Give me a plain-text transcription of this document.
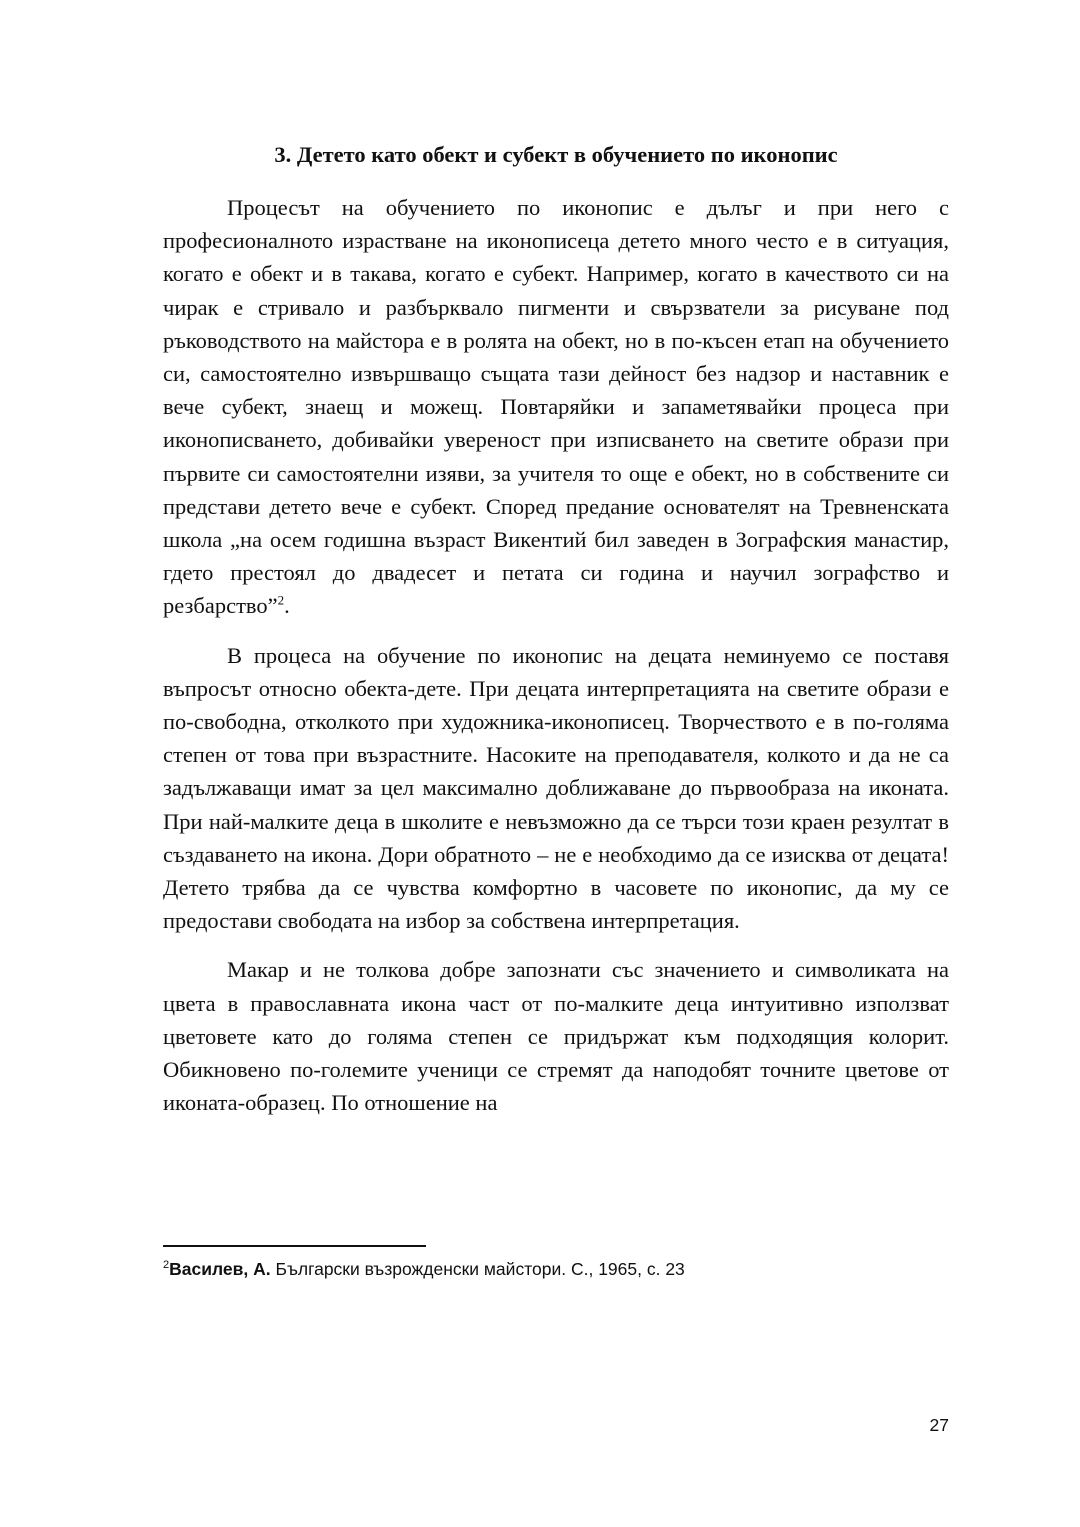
3. Детето като обект и субект в обучението по иконопис

Процесът на обучението по иконопис е дълъг и при него с професионалното израстване на иконописеца детето много често е в ситуация, когато е обект и в такава, когато е субект. Например, когато в качеството си на чирак е стривало и разбърквало пигменти и свързватели за рисуване под ръководството на майстора е в ролята на обект, но в по-късен етап на обучението си, самостоятелно извършващо същата тази дейност без надзор и наставник е вече субект, знаещ и можещ. Повтаряйки и запаметявайки процеса при иконописването, добивайки увереност при изписването на светите образи при първите си самостоятелни изяви, за учителя то още е обект, но в собствените си представи детето вече е субект. Според предание основателят на Тревненската школа „на осем годишна възраст Викентий бил заведен в Зографския манастир, гдето престоял до двадесет и петата си година и научил зографство и резбарство”$^2$.

В процеса на обучение по иконопис на децата неминуемо се поставя въпросът относно обекта-дете. При децата интерпретацията на светите образи е по-свободна, отколкото при художника-иконописец. Творчеството е в по-голяма степен от това при възрастните. Насоките на преподавателя, колкото и да не са задължаващи имат за цел максимално доближаване до първообраза на иконата. При най-малките деца в школите е невъзможно да се търси този краен резултат в създаването на икона. Дори обратното – не е необходимо да се изисква от децата! Детето трябва да се чувства комфортно в часовете по иконопис, да му се предостави свободата на избор за собствена интерпретация.

Макар и не толкова добре запознати със значението и символиката на цвета в православната икона част от по-малките деца интуитивно използват цветовете като до голяма степен се придържат към подходящия колорит. Обикновено по-големите ученици се стремят да наподобят точните цветове от иконата-образец. По отношение на

$^2$Василев, А. Български възрожденски майстори. С., 1965, с. 23
27
